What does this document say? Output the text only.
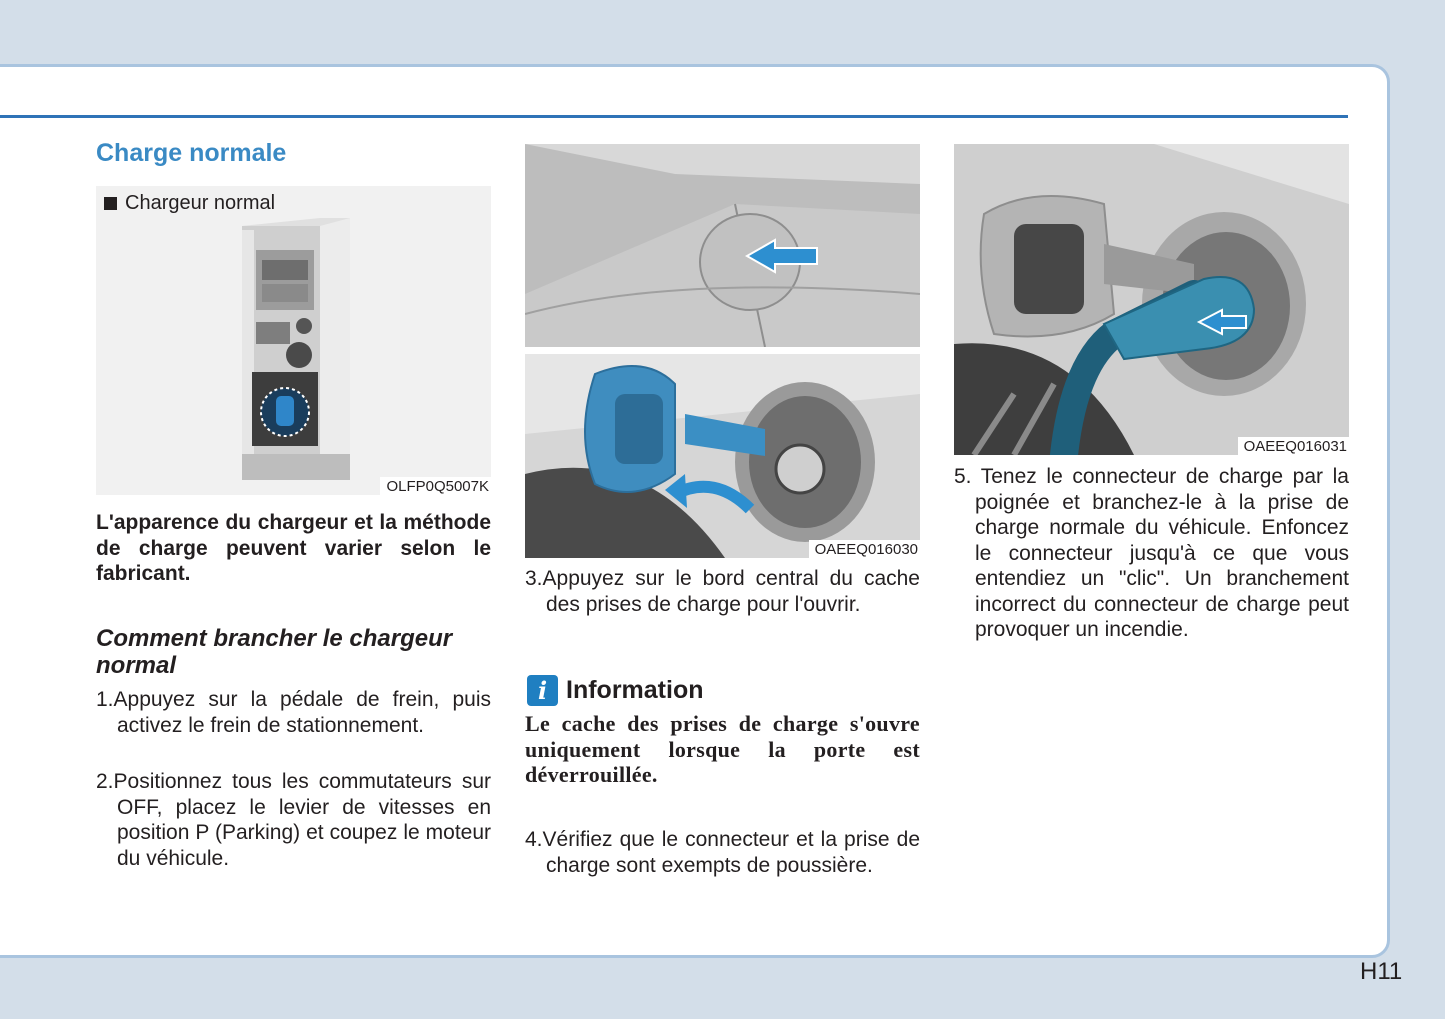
Charge normale
Chargeur normal
OLFP0Q5007K

L'apparence du chargeur et la méthode de charge peuvent varier selon le fabricant.

Comment brancher le chargeur normal

1.Appuyez sur la pédale de frein, puis activez le frein de stationnement.

2.Positionnez tous les commutateurs sur OFF, placez le levier de vitesses en position P (Parking) et coupez le moteur du véhicule.

OAEEQ016030

3.Appuyez sur le bord central du cache des prises de charge pour l'ouvrir.

i Information

Le cache des prises de charge s'ouvre uniquement lorsque la porte est déverrouillée.

4.Vérifiez que le connecteur et la prise de charge sont exempts de poussière.

OAEEQ016031

5. Tenez le connecteur de charge par la poignée et branchez-le à la prise de charge normale du véhicule. Enfoncez le connecteur jusqu'à ce que vous entendiez un "clic". Un branchement incorrect du connecteur de charge peut provoquer un incendie.

H11
